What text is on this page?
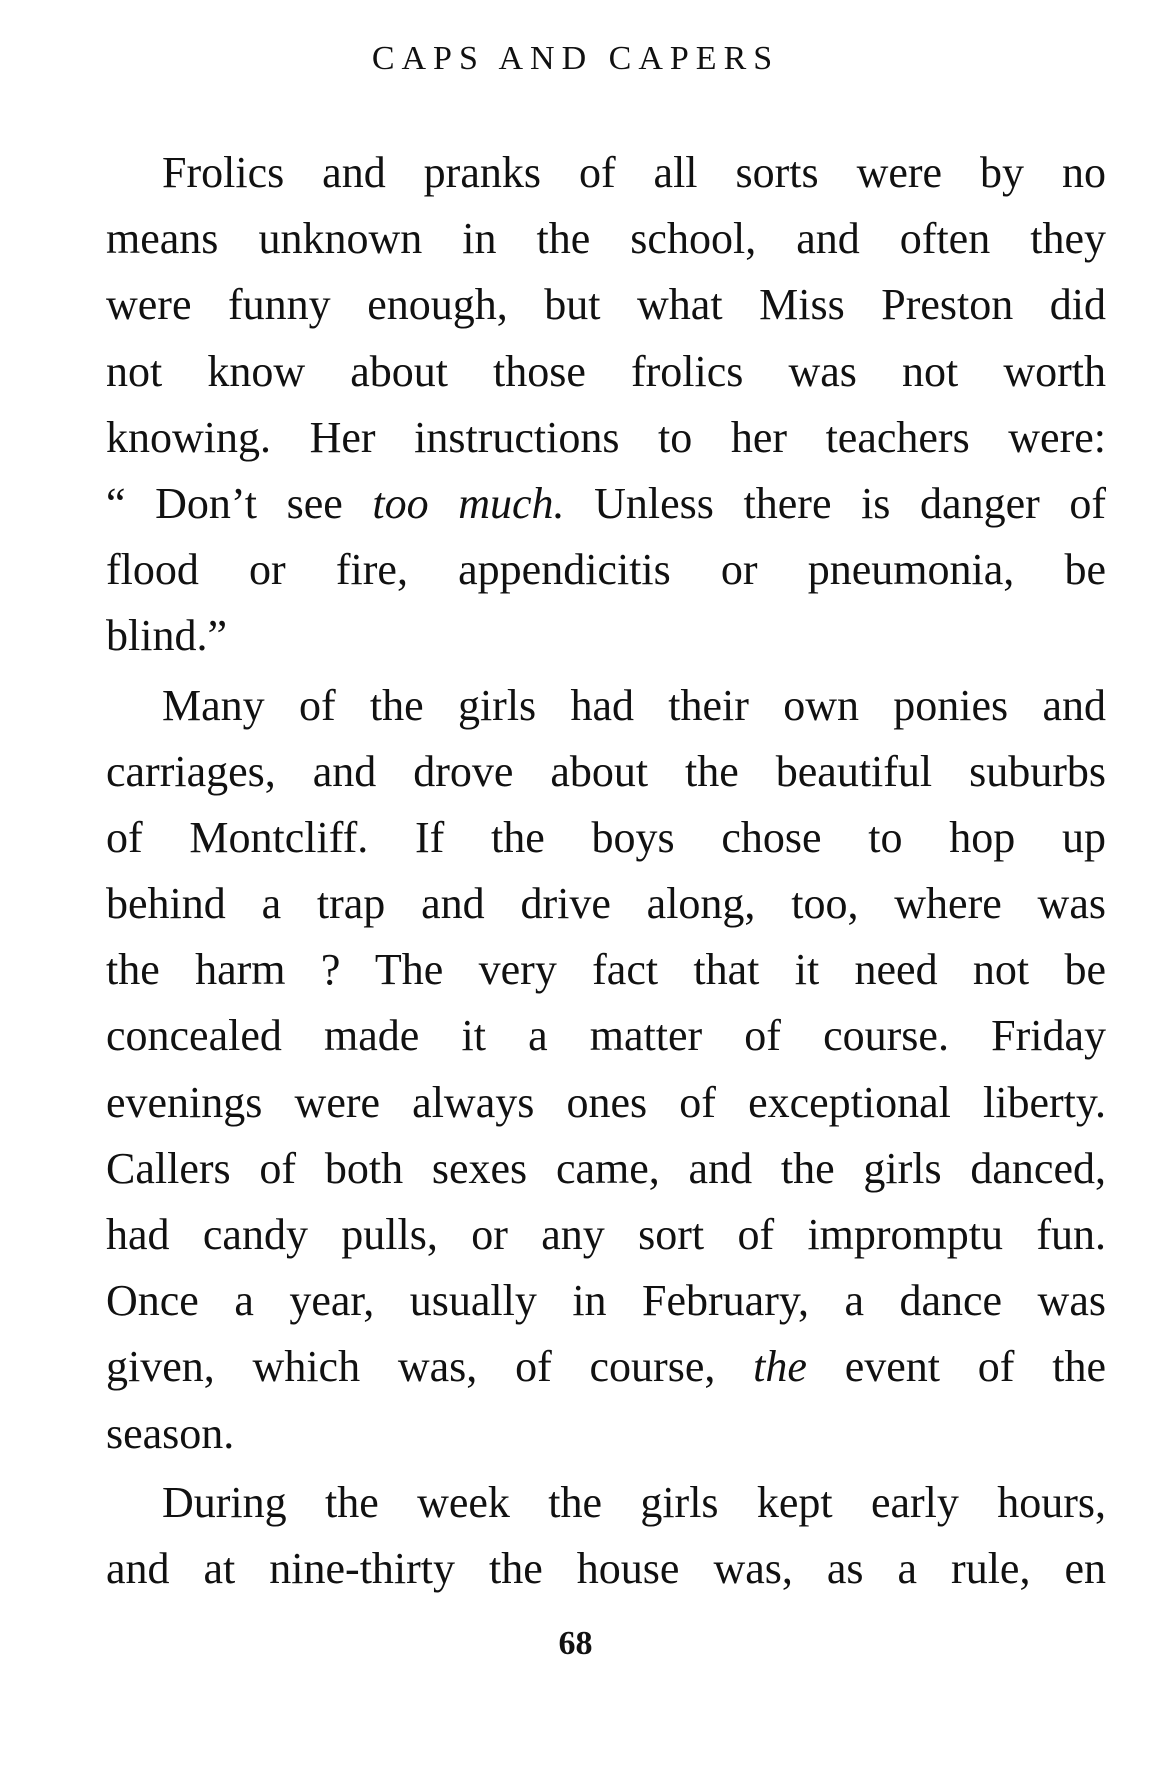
CAPS AND CAPERS
Frolics and pranks of all sorts were by no
means unknown in the school, and often they
were funny enough, but what Miss Preston did
not know about those frolics was not worth
knowing. Her instructions to her teachers were:
“ Don’t see too much. Unless there is danger of
flood or fire, appendicitis or pneumonia, be
blind.”
Many of the girls had their own ponies and
carriages, and drove about the beautiful suburbs
of Montcliff. If the boys chose to hop up
behind a trap and drive along, too, where was
the harm ? The very fact that it need not be
concealed made it a matter of course. Friday
evenings were always ones of exceptional liberty.
Callers of both sexes came, and the girls danced,
had candy pulls, or any sort of impromptu fun.
Once a year, usually in February, a dance was
given, which was, of course, the event of the
season.
During the week the girls kept early hours,
and at nine-thirty the house was, as a rule, en
68
